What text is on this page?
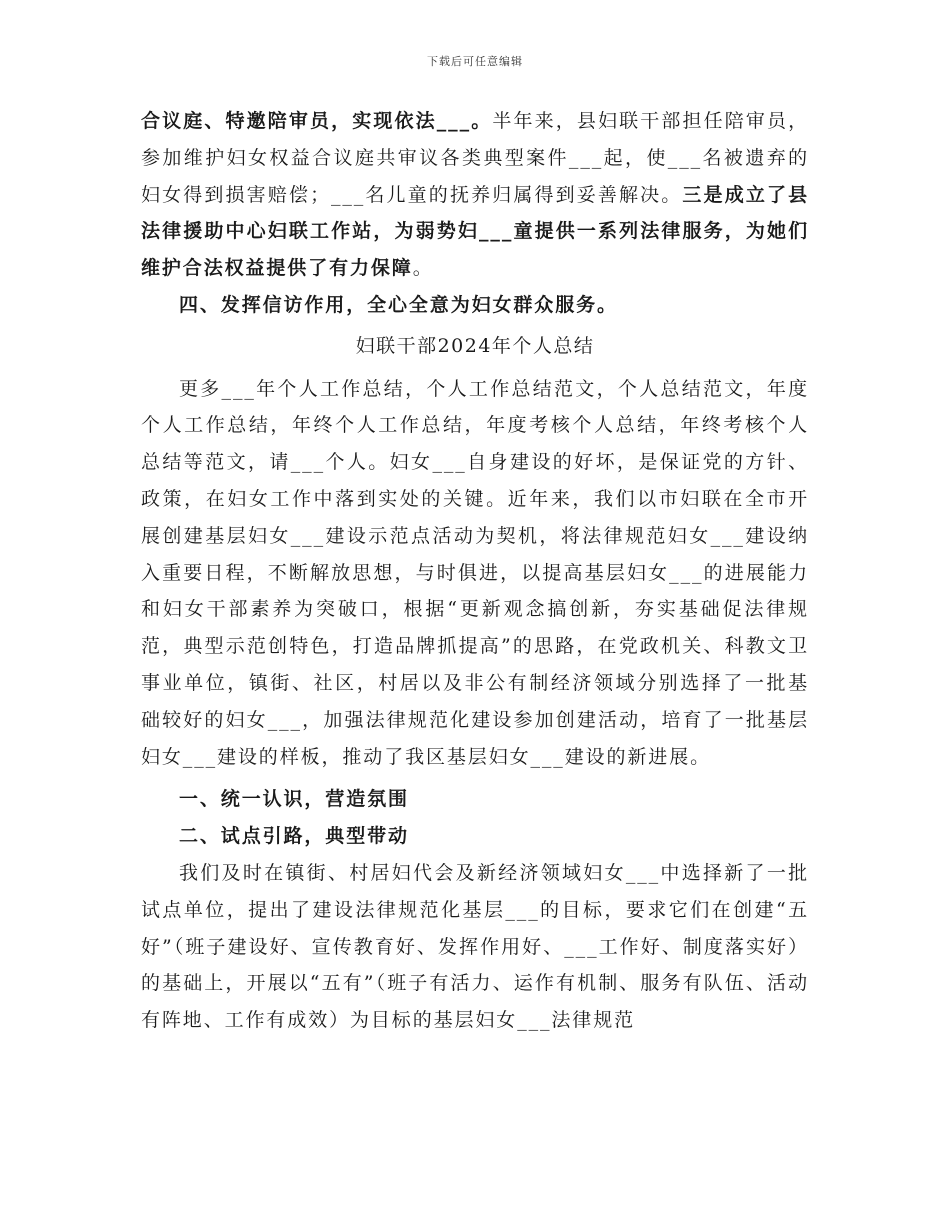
下载后可任意编辑

合议庭、特邀陪审员，实现依法___。半年来，县妇联干部担任陪审员，参加维护妇女权益合议庭共审议各类典型案件___起，使___名被遗弃的妇女得到损害赔偿；___名儿童的抚养归属得到妥善解决。三是成立了县法律援助中心妇联工作站，为弱势妇___童提供一系列法律服务，为她们维护合法权益提供了有力保障。

四、发挥信访作用，全心全意为妇女群众服务。

妇联干部2024年个人总结

更多___年个人工作总结，个人工作总结范文，个人总结范文，年度个人工作总结，年终个人工作总结，年度考核个人总结，年终考核个人总结等范文，请___个人。妇女___自身建设的好坏，是保证党的方针、政策，在妇女工作中落到实处的关键。近年来，我们以市妇联在全市开展创建基层妇女___建设示范点活动为契机，将法律规范妇女___建设纳入重要日程，不断解放思想，与时俱进，以提高基层妇女___的进展能力和妇女干部素养为突破口，根据“更新观念搞创新，夯实基础促法律规范，典型示范创特色，打造品牌抓提高”的思路，在党政机关、科教文卫事业单位，镇街、社区，村居以及非公有制经济领域分别选择了一批基础较好的妇女___，加强法律规范化建设参加创建活动，培育了一批基层妇女___建设的样板，推动了我区基层妇女___建设的新进展。

一、统一认识，营造氛围

二、试点引路，典型带动

我们及时在镇街、村居妇代会及新经济领域妇女___中选择新了一批试点单位，提出了建设法律规范化基层___的目标，要求它们在创建“五好”（班子建设好、宣传教育好、发挥作用好、___工作好、制度落实好）的基础上，开展以“五有”（班子有活力、运作有机制、服务有队伍、活动有阵地、工作有成效）为目标的基层妇女___法律规范
